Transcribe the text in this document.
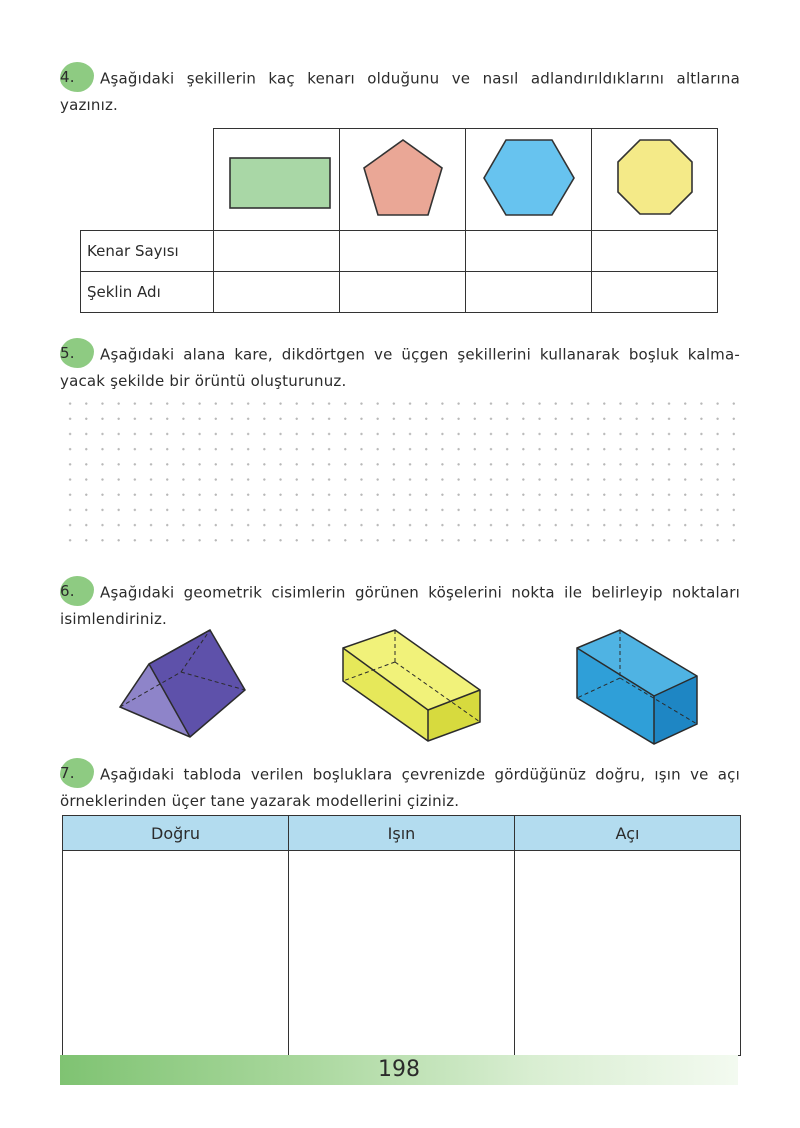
4. Aşağıdaki şekillerin kaç kenarı olduğunu ve nasıl adlandırıldıklarını altlarına
yazınız.

Kenar Sayısı				
Şeklin Adı				
5. Aşağıdaki alana kare, dikdörtgen ve üçgen şekillerini kullanarak boşluk kalma-
yacak şekilde bir örüntü oluşturunuz.
6. Aşağıdaki geometrik cisimlerin görünen köşelerini nokta ile belirleyip noktaları
isimlendiriniz.
7. Aşağıdaki tabloda verilen boşluklara çevrenizde gördüğünüz doğru, ışın ve açı
örneklerinden üçer tane yazarak modellerini çiziniz.
Doğru	Işın	Açı

198
